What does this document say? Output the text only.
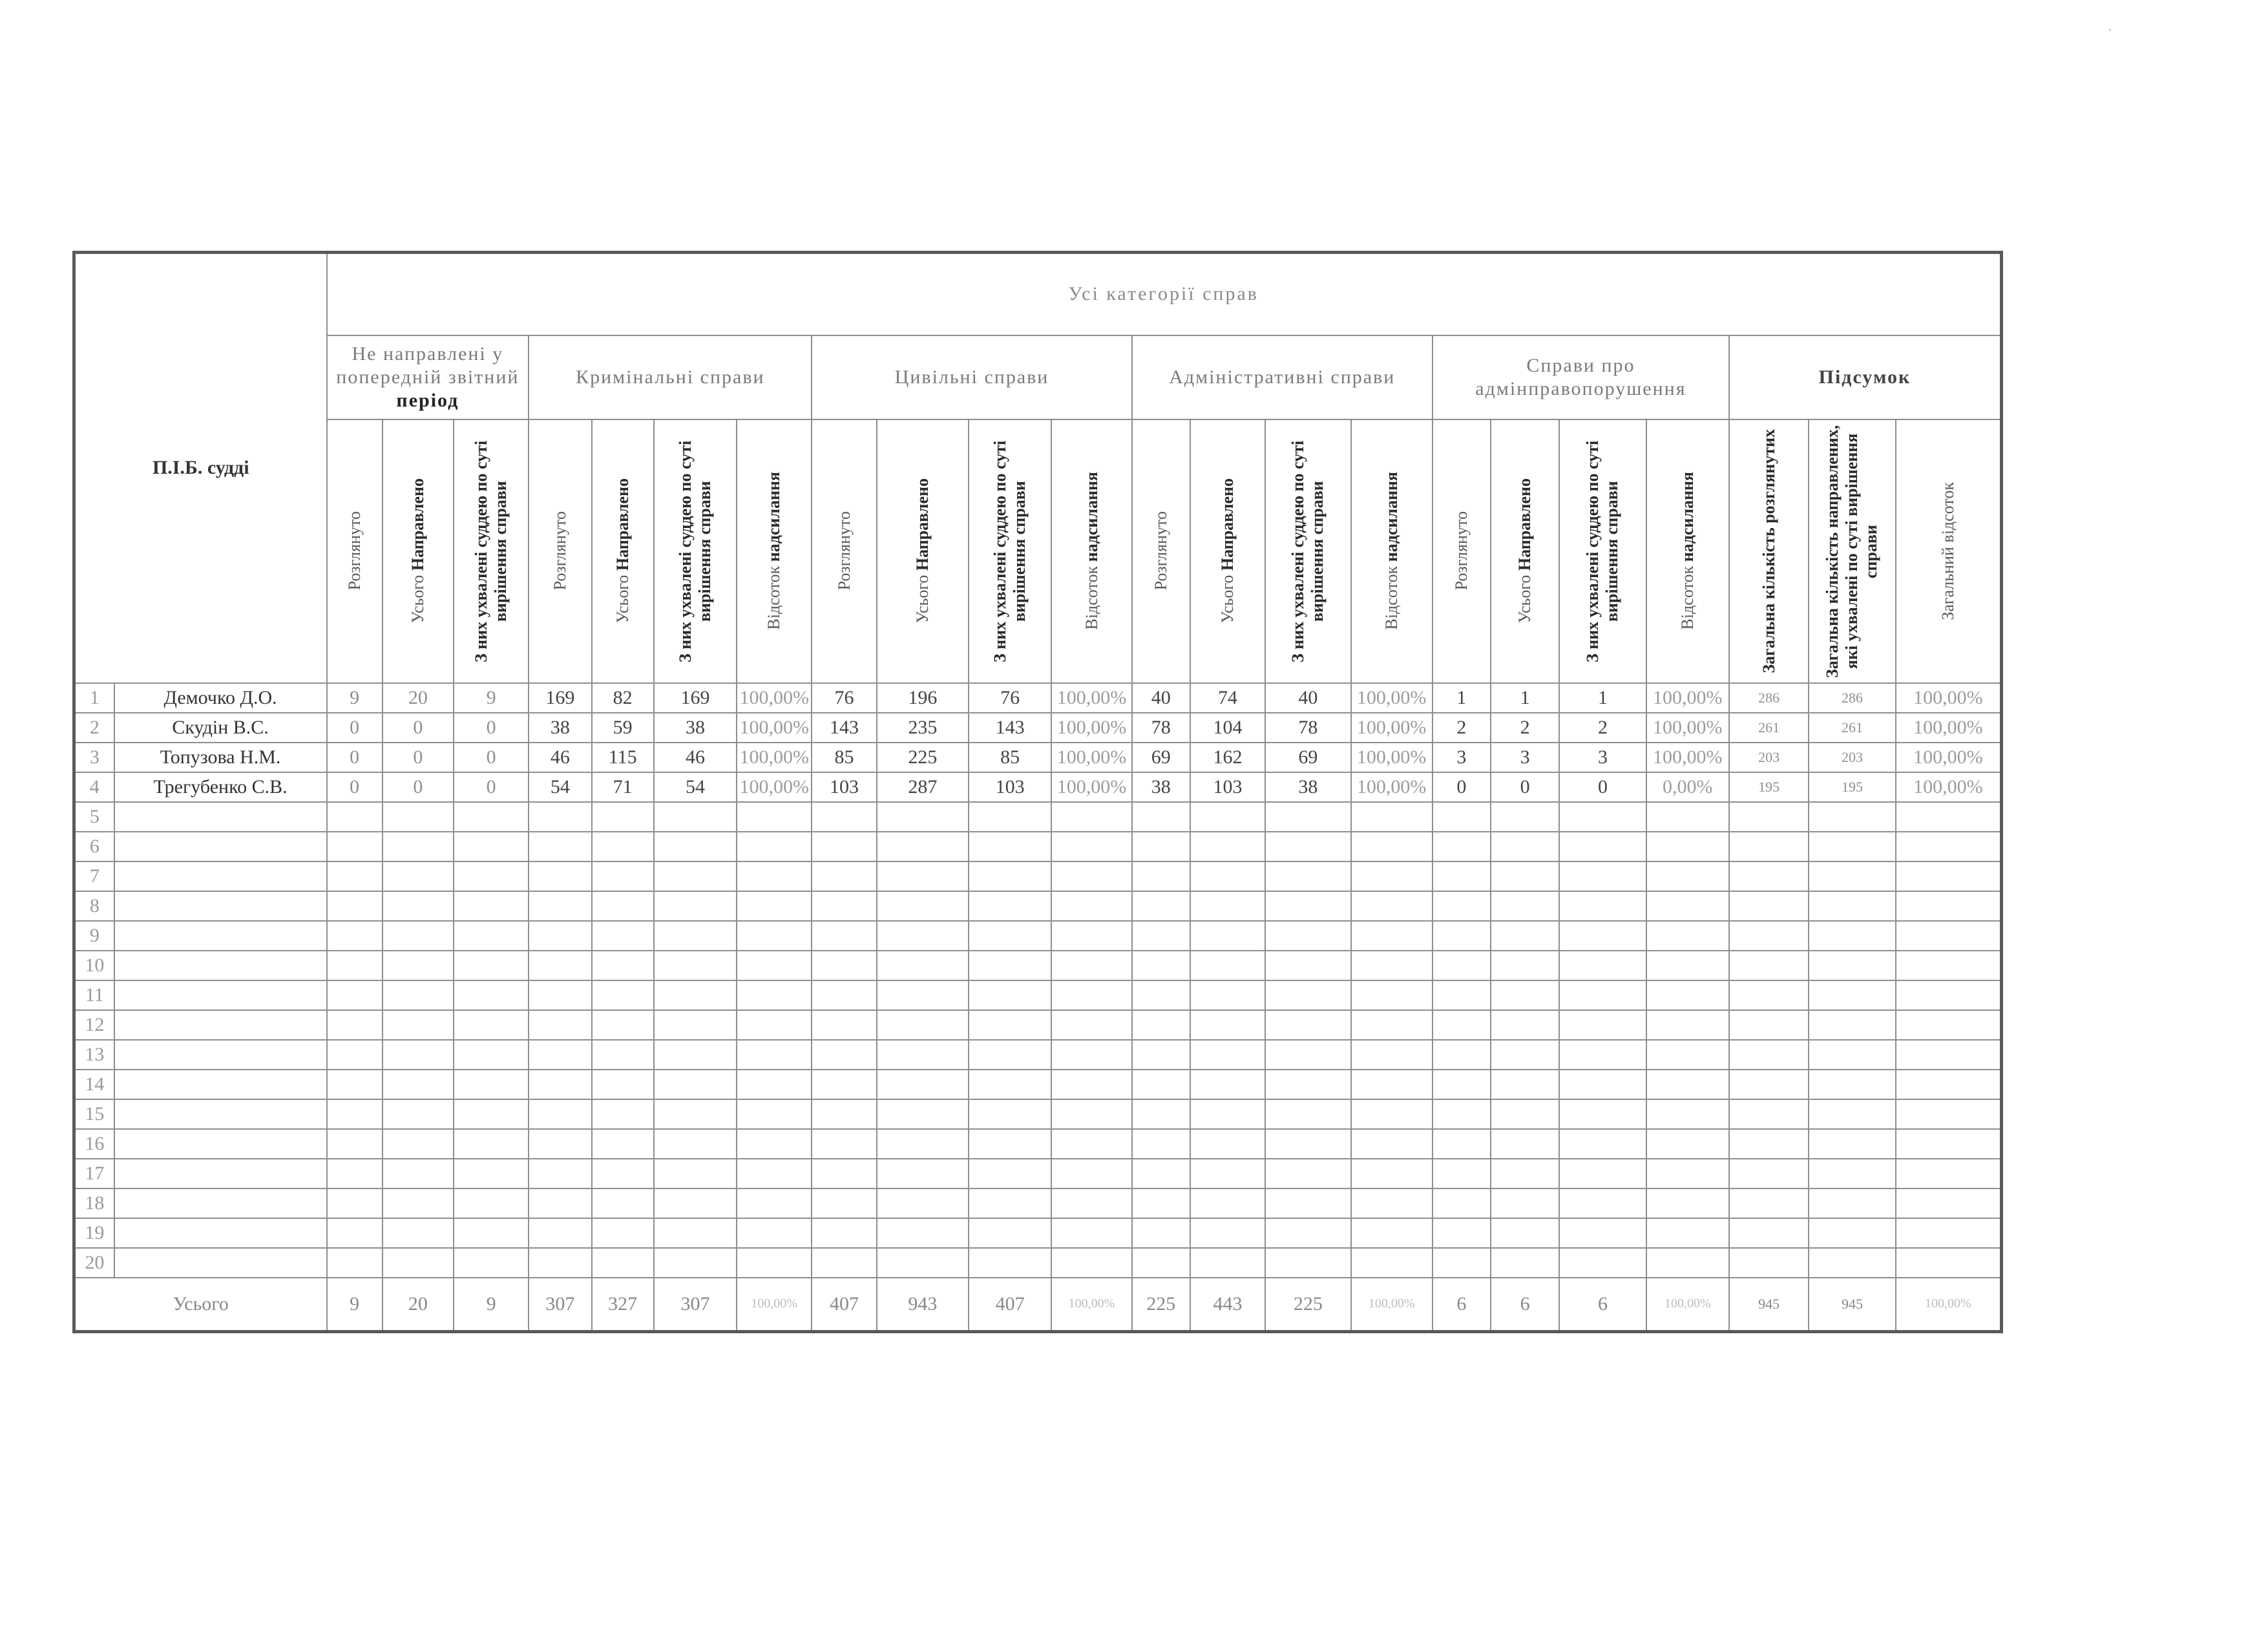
П.І.Б. судді		Усі категорії справ																					
		Не направлені у попередній звітний
період			Кримінальні справи				Цивільні справи				Адміністративні справи				Справи про адмінправопорушення				Підсумок		

		Розглянуто	Усього Направлено	З них ухвалені суддею по суті вирішення справи	Розглянуто	Усього Направлено	З них ухвалені суддею по суті вирішення справи	Відсоток надсилання	Розглянуто	Усього Направлено	З них ухвалені суддею по суті вирішення справи	Відсоток надсилання	Розглянуто	Усього Направлено	З них ухвалені суддею по суті вирішення справи	Відсоток надсилання	Розглянуто	Усього Направлено	З них ухвалені суддею по суті вирішення справи	Відсоток надсилання	Загальна кількість розглянутих	Загальна кількість направлених, які ухвалені по суті вирішення справи	Загальний відсоток

1	Демочко Д.О.	9	20	9	169	82	169	100,00%	76	196	76	100,00%	40	74	40	100,00%	1	1	1	100,00%	286	286	100,00%
2	Скудін В.С.	0	0	0	38	59	38	100,00%	143	235	143	100,00%	78	104	78	100,00%	2	2	2	100,00%	261	261	100,00%
3	Топузова Н.М.	0	0	0	46	115	46	100,00%	85	225	85	100,00%	69	162	69	100,00%	3	3	3	100,00%	203	203	100,00%
4	Трегубенко С.В.	0	0	0	54	71	54	100,00%	103	287	103	100,00%	38	103	38	100,00%	0	0	0	0,00%	195	195	100,00%
5																							
6																							
7																							
8																							
9																							
10																							
11																							
12																							
13																							
14																							
15																							
16																							
17																							
18																							
19																							
20																							
Усього		9	20	9	307	327	307	100,00%	407	943	407	100,00%	225	443	225	100,00%	6	6	6	100,00%	945	945	100,00%
·
